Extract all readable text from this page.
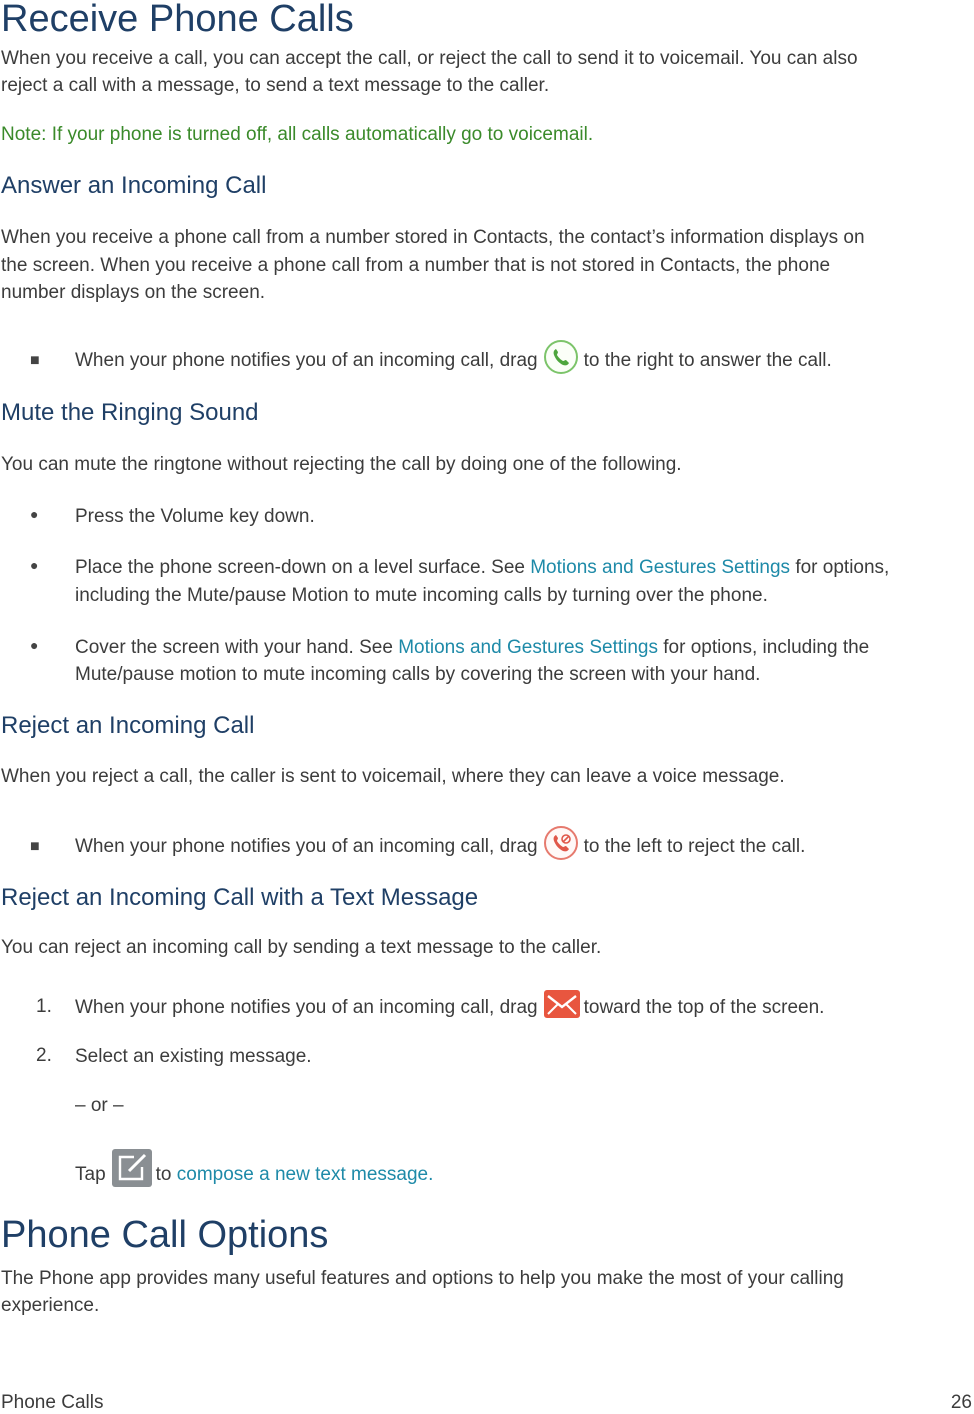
Receive Phone Calls
When you receive a call, you can accept the call, or reject the call to send it to voicemail. You can also
reject a call with a message, to send a text message to the caller.
Note: If your phone is turned off, all calls automatically go to voicemail.
Answer an Incoming Call
When you receive a phone call from a number stored in Contacts, the contact’s information displays on
the screen. When you receive a phone call from a number that is not stored in Contacts, the phone
number displays on the screen.
■ When your phone notifies you of an incoming call, drag to the right to answer the call.
Mute the Ringing Sound
You can mute the ringtone without rejecting the call by doing one of the following.
● Press the Volume key down.
● Place the phone screen-down on a level surface. See Motions and Gestures Settings for options,
including the Mute/pause Motion to mute incoming calls by turning over the phone.
● Cover the screen with your hand. See Motions and Gestures Settings for options, including the
Mute/pause motion to mute incoming calls by covering the screen with your hand.
Reject an Incoming Call
When you reject a call, the caller is sent to voicemail, where they can leave a voice message.
■ When your phone notifies you of an incoming call, drag to the left to reject the call.
Reject an Incoming Call with a Text Message
You can reject an incoming call by sending a text message to the caller.
1. When your phone notifies you of an incoming call, drag toward the top of the screen.
2. Select an existing message.
– or –
Tap	to compose a new text message.
Phone Call Options
The Phone app provides many useful features and options to help you make the most of your calling
experience.
Phone Calls	26
